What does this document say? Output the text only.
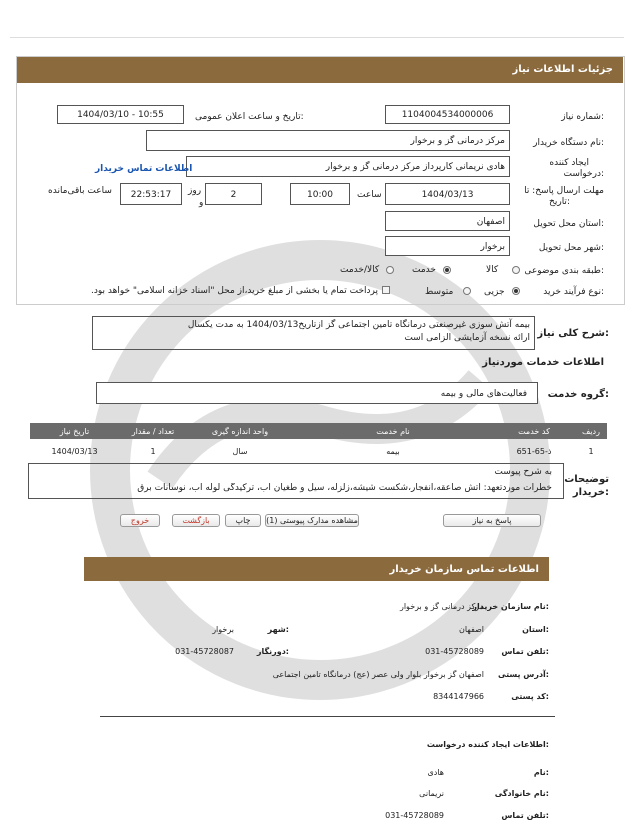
جزئیات اطلاعات نیاز
شماره نیاز:
1104004534000006
تاریخ و ساعت اعلان عمومی:
1404/03/10 - 10:55
نام دستگاه خریدار:
مرکز درمانی گز و برخوار
ایجاد کننده
درخواست:
هادی نریمانی کارپرداز مرکز درمانی گز و برخوار
اطلاعات تماس خریدار
مهلت ارسال پاسخ: تا
تاریخ:
1404/03/13
ساعت
10:00
2
روز
و
22:53:17
ساعت باقی‌مانده
استان محل تحویل:
اصفهان
شهر محل تحویل:
برخوار
طبقه بندی موضوعی:
کالا
خدمت
کالا/خدمت
نوع فرآیند خرید:
جزیی
متوسط
پرداخت تمام یا بخشی از مبلغ خرید،از محل "اسناد خزانه اسلامی" خواهد بود.
شرح کلی نیاز:
بیمه آتش سوزی غیرصنعتی درمانگاه تامین اجتماعی گز ازتاریخ1404/03/13 به مدت یکسال
ارائه نسخه آزمایشی الزامی است
اطلاعات خدمات موردنیاز
گروه خدمت:
فعالیت‌های مالی و بیمه
ردیف	کد خدمت	نام خدمت	واحد اندازه گیری	تعداد / مقدار	تاریخ نیاز
1	ذ-65-651	بیمه	سال	1	1404/03/13
توضیحات
خریدار:
به شرح پیوست
خطرات موردتعهد: آتش صاعقه،انفجار،شکست شیشه،زلزله، سیل و طغیان آب، ترکیدگی لوله آب، نوسانات برق
پاسخ به نیاز
مشاهده مدارک پیوستی (1)
چاپ
بازگشت
خروج
اطلاعات تماس سازمان خریدار
نام سازمان خریدار:
مرکز درمانی گز و برخوار
استان:
اصفهان
شهر:
برخوار
تلفن تماس:
031-45728089
دورنگار:
031-45728087
آدرس پستی:
اصفهان گز برخوار بلوار ولی عصر (عج) درمانگاه تامین اجتماعی
کد پستی:
8344147966
اطلاعات ایجاد کننده درخواست:
نام:
هادی
نام خانوادگی:
نریمانی
تلفن تماس:
031-45728089
